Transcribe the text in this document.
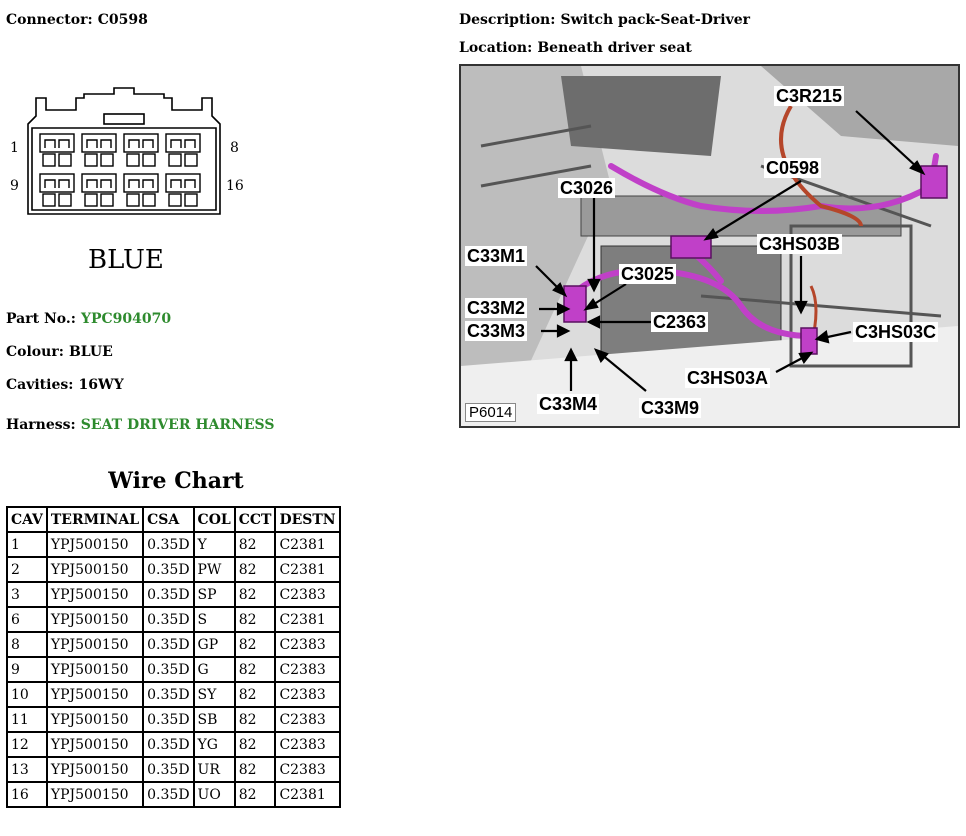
Connector: C0598	Description: Switch pack-Seat-Driver
Location: Beneath driver seat
1	8
9	16
BLUE
Part No.: YPC904070
Colour: BLUE
Cavities: 16WY
Harness: SEAT DRIVER HARNESS
C3R215
C0598
C3026
C3HS03B
C33M1
C3025
C33M2
C2363
C33M3	C3HS03C
C3HS03A
C33M4 C33M9
P6014
Wire Chart
CAV	TERMINAL	CSA	COL	CCT	DESTN
1	YPJ500150	0.35D	Y	82	C2381
2	YPJ500150	0.35D	PW	82	C2381
3	YPJ500150	0.35D	SP	82	C2383
6	YPJ500150	0.35D	S	82	C2381
8	YPJ500150	0.35D	GP	82	C2383
9	YPJ500150	0.35D	G	82	C2383
10	YPJ500150	0.35D	SY	82	C2383
11	YPJ500150	0.35D	SB	82	C2383
12	YPJ500150	0.35D	YG	82	C2383
13	YPJ500150	0.35D	UR	82	C2383
16	YPJ500150	0.35D	UO	82	C2381
